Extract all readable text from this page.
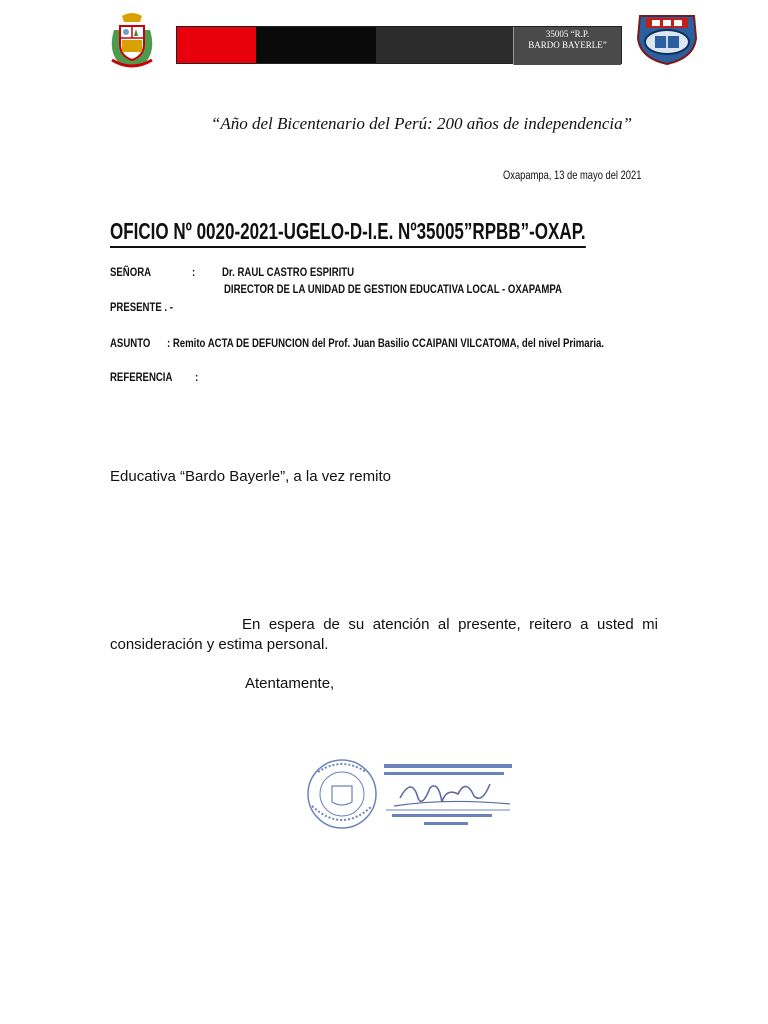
35005 “R.P.
BARDO BAYERLE”
“Año del Bicentenario del Perú: 200 años de independencia”
Oxapampa, 13 de mayo del 2021
OFICIO Nº 0020-2021-UGELO-D-I.E. Nº35005”RPBB”-OXAP.
SEÑORA	: Dr. RAUL CASTRO ESPIRITU
DIRECTOR DE LA UNIDAD DE GESTION EDUCATIVA LOCAL - OXAPAMPA
PRESENTE . -
ASUNTO : Remito ACTA DE DEFUNCION del Prof. Juan Basilio CCAIPANI VILCATOMA, del nivel Primaria.
REFERENCIA :
Educativa “Bardo Bayerle”, a la vez remito
En espera de su atención al presente, reitero a usted mi consideración y estima personal.
Atentamente,
